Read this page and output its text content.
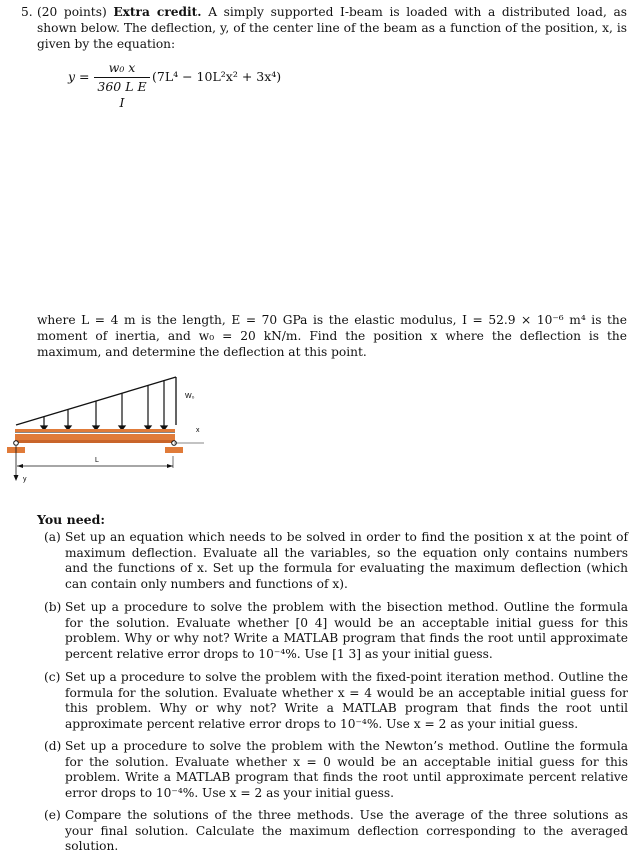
5. (20 points) Extra credit. A simply supported I-beam is loaded with a distributed load, as shown below. The deflection, y, of the center line of the beam as a function of the position, x, is given by the equation:

y =
w₀ x
360 L E I
(7L⁴ − 10L²x² + 3x⁴)

where L = 4 m is the length, E = 70 GPa is the elastic modulus, I = 52.9 × 10⁻⁶ m⁴ is the moment of inertia, and w₀ = 20 kN/m. Find the position x where the deflection is the maximum, and determine the deflection at this point.

W₀
x
L
y
You need:
(a) Set up an equation which needs to be solved in order to find the position x at the point of maximum deflection. Evaluate all the variables, so the equation only contains numbers and the functions of x. Set up the formula for evaluating the maximum deflection (which can contain only numbers and functions of x).
(b) Set up a procedure to solve the problem with the bisection method. Outline the formula for the solution. Evaluate whether [0 4] would be an acceptable initial guess for this problem. Why or why not? Write a MATLAB program that finds the root until approximate percent relative error drops to 10⁻⁴%. Use [1 3] as your initial guess.
(c) Set up a procedure to solve the problem with the fixed-point iteration method. Outline the formula for the solution. Evaluate whether x = 4 would be an acceptable initial guess for this problem. Why or why not? Write a MATLAB program that finds the root until approximate percent relative error drops to 10⁻⁴%. Use x = 2 as your initial guess.
(d) Set up a procedure to solve the problem with the Newton’s method. Outline the formula for the solution. Evaluate whether x = 0 would be an acceptable initial guess for this problem. Write a MATLAB program that finds the root until approximate percent relative error drops to 10⁻⁴%. Use x = 2 as your initial guess.
(e) Compare the solutions of the three methods. Use the average of the three solutions as your final solution. Calculate the maximum deflection corresponding to the averaged solution.
